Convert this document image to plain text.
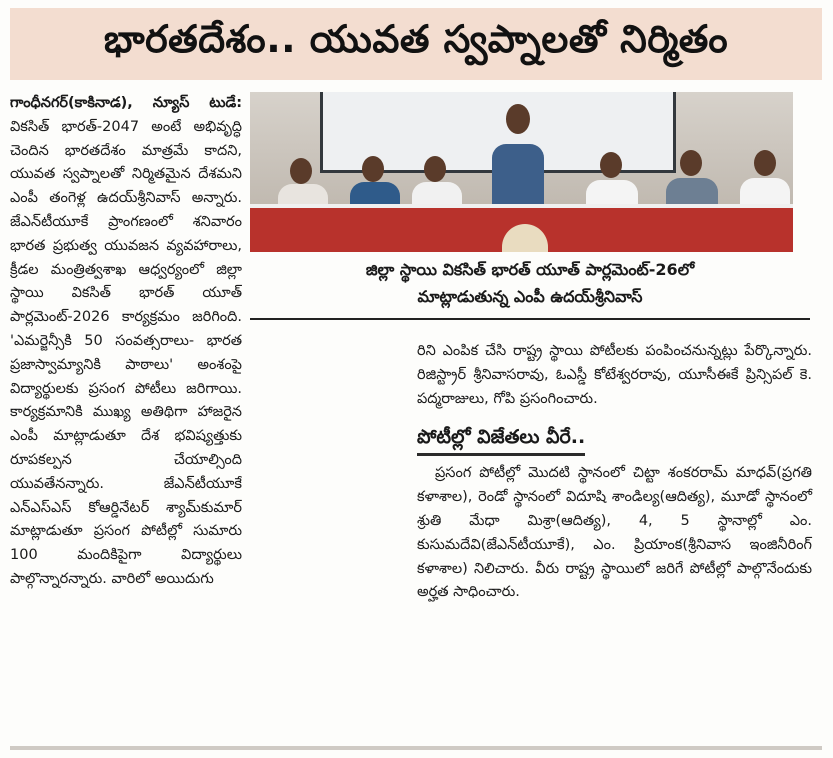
భారతదేశం.. యువత స్వప్నాలతో నిర్మితం

గాంధీనగర్(కాకినాడ), న్యూస్ టుడే: వికసిత్ భారత్-2047 అంటే అభివృద్ధి చెందిన భారతదేశం మాత్రమే కాదని, యువత స్వప్నాలతో నిర్మితమైన దేశమని ఎంపీ తంగెళ్ల ఉదయ్‌శ్రీనివాస్ అన్నారు. జేఎన్‌టీయూకే ప్రాంగణంలో శనివారం భారత ప్రభుత్వ యువజన వ్యవహారాలు, క్రీడల మంత్రిత్వశాఖ ఆధ్వర్యంలో జిల్లా స్థాయి వికసిత్ భారత్ యూత్ పార్లమెంట్-2026 కార్యక్రమం జరిగింది. 'ఎమర్జెన్సీకి 50 సంవత్సరాలు- భారత ప్రజాస్వామ్యానికి పాఠాలు' అంశంపై విద్యార్థులకు ప్రసంగ పోటీలు జరిగాయి. కార్యక్రమానికి ముఖ్య అతిథిగా హాజరైన ఎంపీ మాట్లాడుతూ దేశ భవిష్యత్తుకు రూపకల్పన చేయాల్సింది యువతేనన్నారు. జేఎన్‌టీయూకే ఎన్‌ఎస్‌ఎస్ కోఆర్డినేటర్ శ్యామ్‌కుమార్ మాట్లాడుతూ ప్రసంగ పోటీల్లో సుమారు 100 మందికిపైగా విద్యార్థులు పాల్గొన్నారన్నారు. వారిలో అయిదుగు

జిల్లా స్థాయి వికసిత్ భారత్ యూత్ పార్లమెంట్-26లో
మాట్లాడుతున్న ఎంపీ ఉదయ్‌శ్రీనివాస్

రిని ఎంపిక చేసి రాష్ట్ర స్థాయి పోటీలకు పంపించనున్నట్లు పేర్కొన్నారు. రిజిస్ట్రార్ శ్రీనివాసరావు, ఓఎస్డీ కోటేశ్వరరావు, యూసీఈకే ప్రిన్సిపల్ కె. పద్మరాజులు, గోపి ప్రసంగించారు.

పోటీల్లో విజేతలు వీరే..

ప్రసంగ పోటీల్లో మొదటి స్థానంలో చిట్టా శంకరరామ్ మాధవ్(ప్రగతి కళాశాల), రెండో స్థానంలో విదూషి శాండిల్య(ఆదిత్య), మూడో స్థానంలో శ్రుతి మేధా మిశ్రా(ఆదిత్య), 4, 5 స్థానాల్లో ఎం. కుసుమదేవి(జేఎన్‌టీయూకే), ఎం. ప్రియాంక(శ్రీనివాస ఇంజినీరింగ్ కళాశాల) నిలిచారు. వీరు రాష్ట్ర స్థాయిలో జరిగే పోటీల్లో పాల్గొనేందుకు అర్హత సాధించారు.
